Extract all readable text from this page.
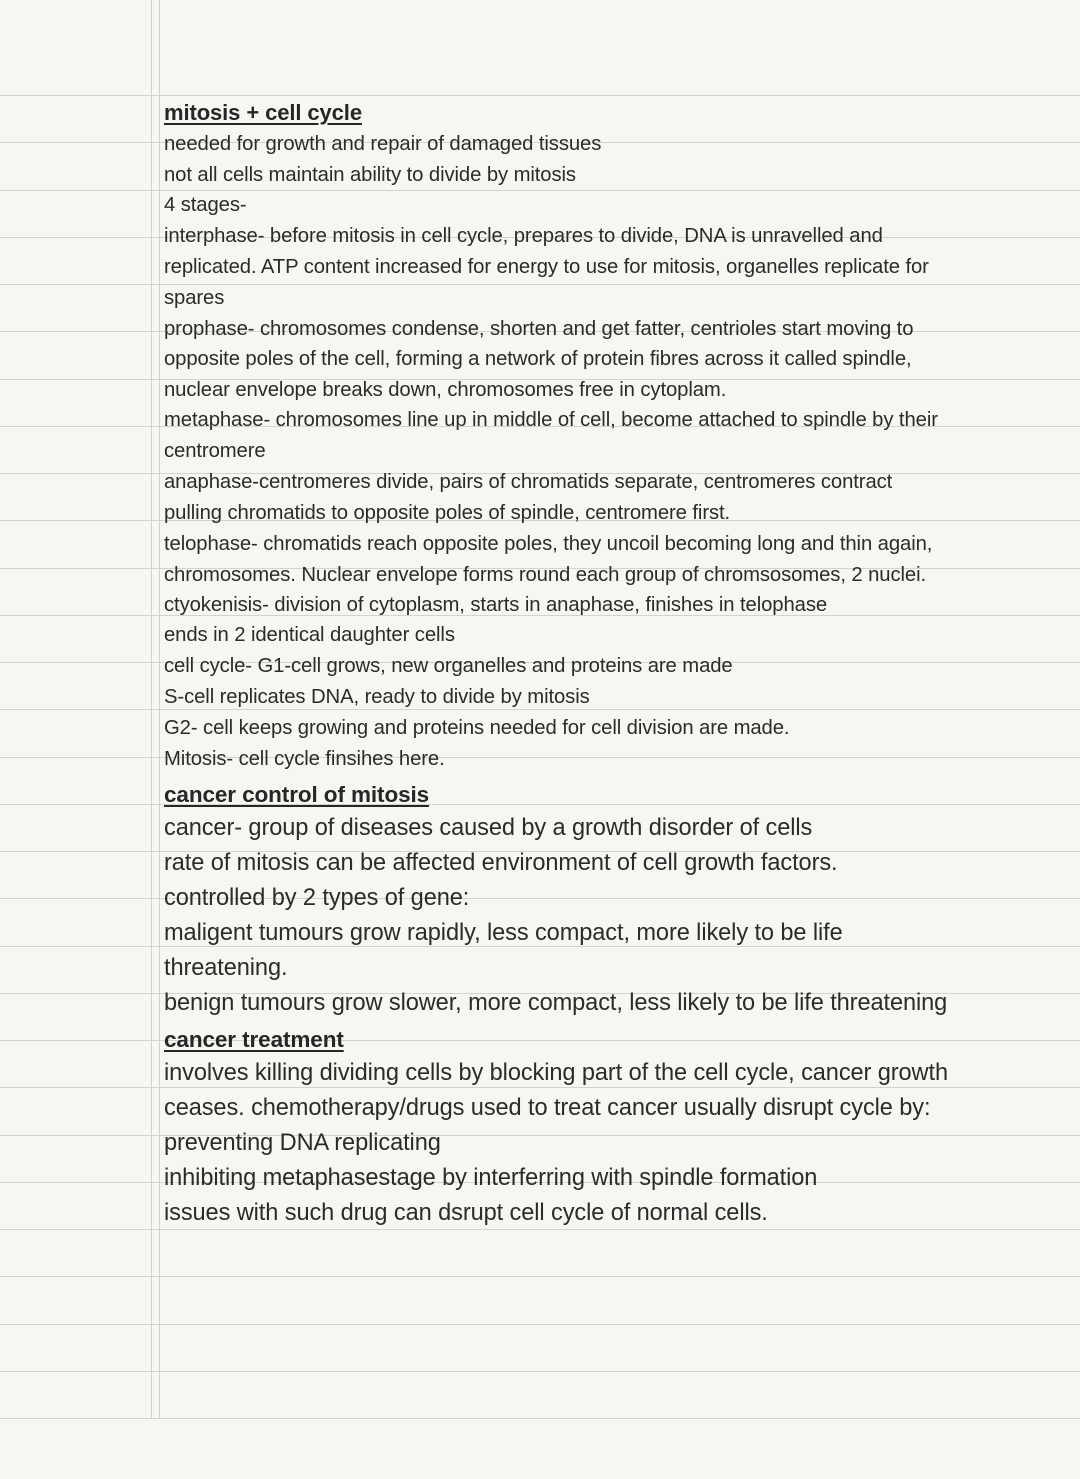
mitosis + cell cycle
needed for growth and repair of damaged tissues
not all cells maintain ability to divide by mitosis
4 stages-
interphase- before mitosis in cell cycle, prepares to divide, DNA is unravelled and
replicated. ATP content increased for energy to use for mitosis, organelles replicate for
spares
prophase- chromosomes condense, shorten and get fatter, centrioles start moving to
opposite poles of the cell, forming a network of protein fibres across it called spindle,
nuclear envelope breaks down, chromosomes free in cytoplam.
metaphase- chromosomes line up in middle of cell, become attached to spindle by their
centromere
anaphase-centromeres divide, pairs of chromatids separate, centromeres contract
pulling chromatids to opposite poles of spindle, centromere first.
telophase- chromatids reach opposite poles, they uncoil becoming long and thin again,
chromosomes. Nuclear envelope forms round each group of chromsosomes, 2 nuclei.
ctyokenisis- division of cytoplasm, starts in anaphase, finishes in telophase
ends in 2 identical daughter cells
cell cycle- G1-cell grows, new organelles and proteins are made
S-cell replicates DNA, ready to divide by mitosis
G2- cell keeps growing and proteins needed for cell division are made.
Mitosis- cell cycle finsihes here.
cancer control of mitosis
cancer- group of diseases caused by a growth disorder of cells
rate of mitosis can be affected environment of cell growth factors.
controlled by 2 types of gene:
maligent tumours grow rapidly, less compact, more likely to be life
threatening.
benign tumours grow slower, more compact, less likely to be life threatening
cancer treatment
involves killing dividing cells by blocking part of the cell cycle, cancer growth
ceases. chemotherapy/drugs used to treat cancer usually disrupt cycle by:
preventing DNA replicating
inhibiting metaphasestage by interferring with spindle formation
issues with such drug can dsrupt cell cycle of normal cells.
